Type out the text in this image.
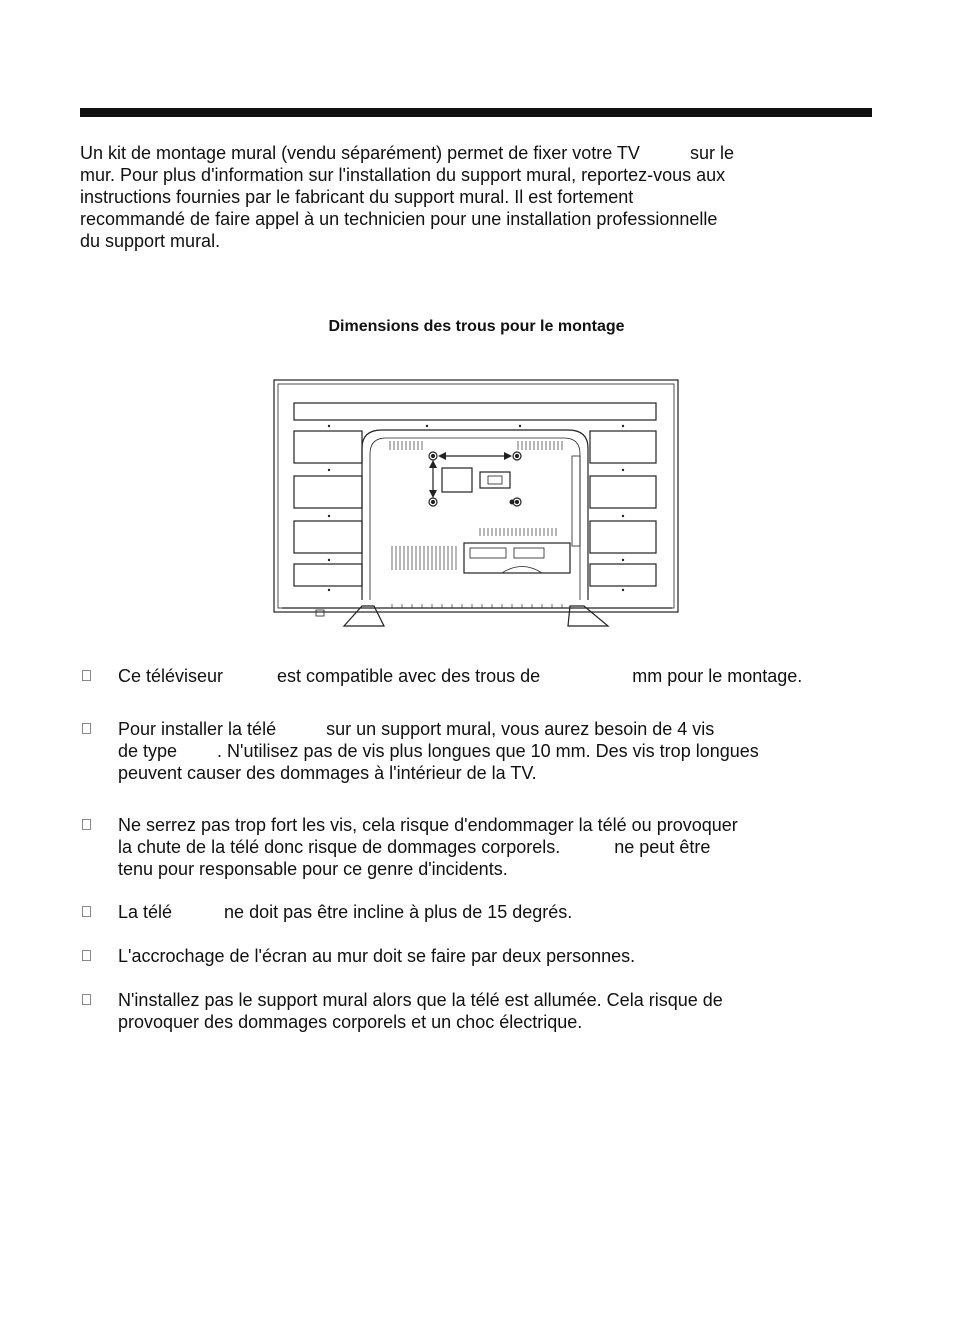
Un kit de montage mural (vendu séparément) permet de fixer votre TV	sur le
mur. Pour plus d'information sur l'installation du support mural, reportez-vous aux
instructions fournies par le fabricant du support mural. Il est fortement
recommandé de faire appel à un technicien pour une installation professionnelle
du support mural.

Dimensions des trous pour le montage
Ce téléviseur	est compatible avec des trous de	mm pour le montage.
Pour installer la télé	sur un support mural, vous aurez besoin de 4 vis
de type . N'utilisez pas de vis plus longues que 10 mm. Des vis trop longues
peuvent causer des dommages à l'intérieur de la TV.
Ne serrez pas trop fort les vis, cela risque d'endommager la télé ou provoquer
la chute de la télé donc risque de dommages corporels.	ne peut être
tenu pour responsable pour ce genre d'incidents.
La télé	ne doit pas être incline à plus de 15 degrés.
L'accrochage de l'écran au mur doit se faire par deux personnes.
N'installez pas le support mural alors que la télé est allumée. Cela risque de
provoquer des dommages corporels et un choc électrique.
